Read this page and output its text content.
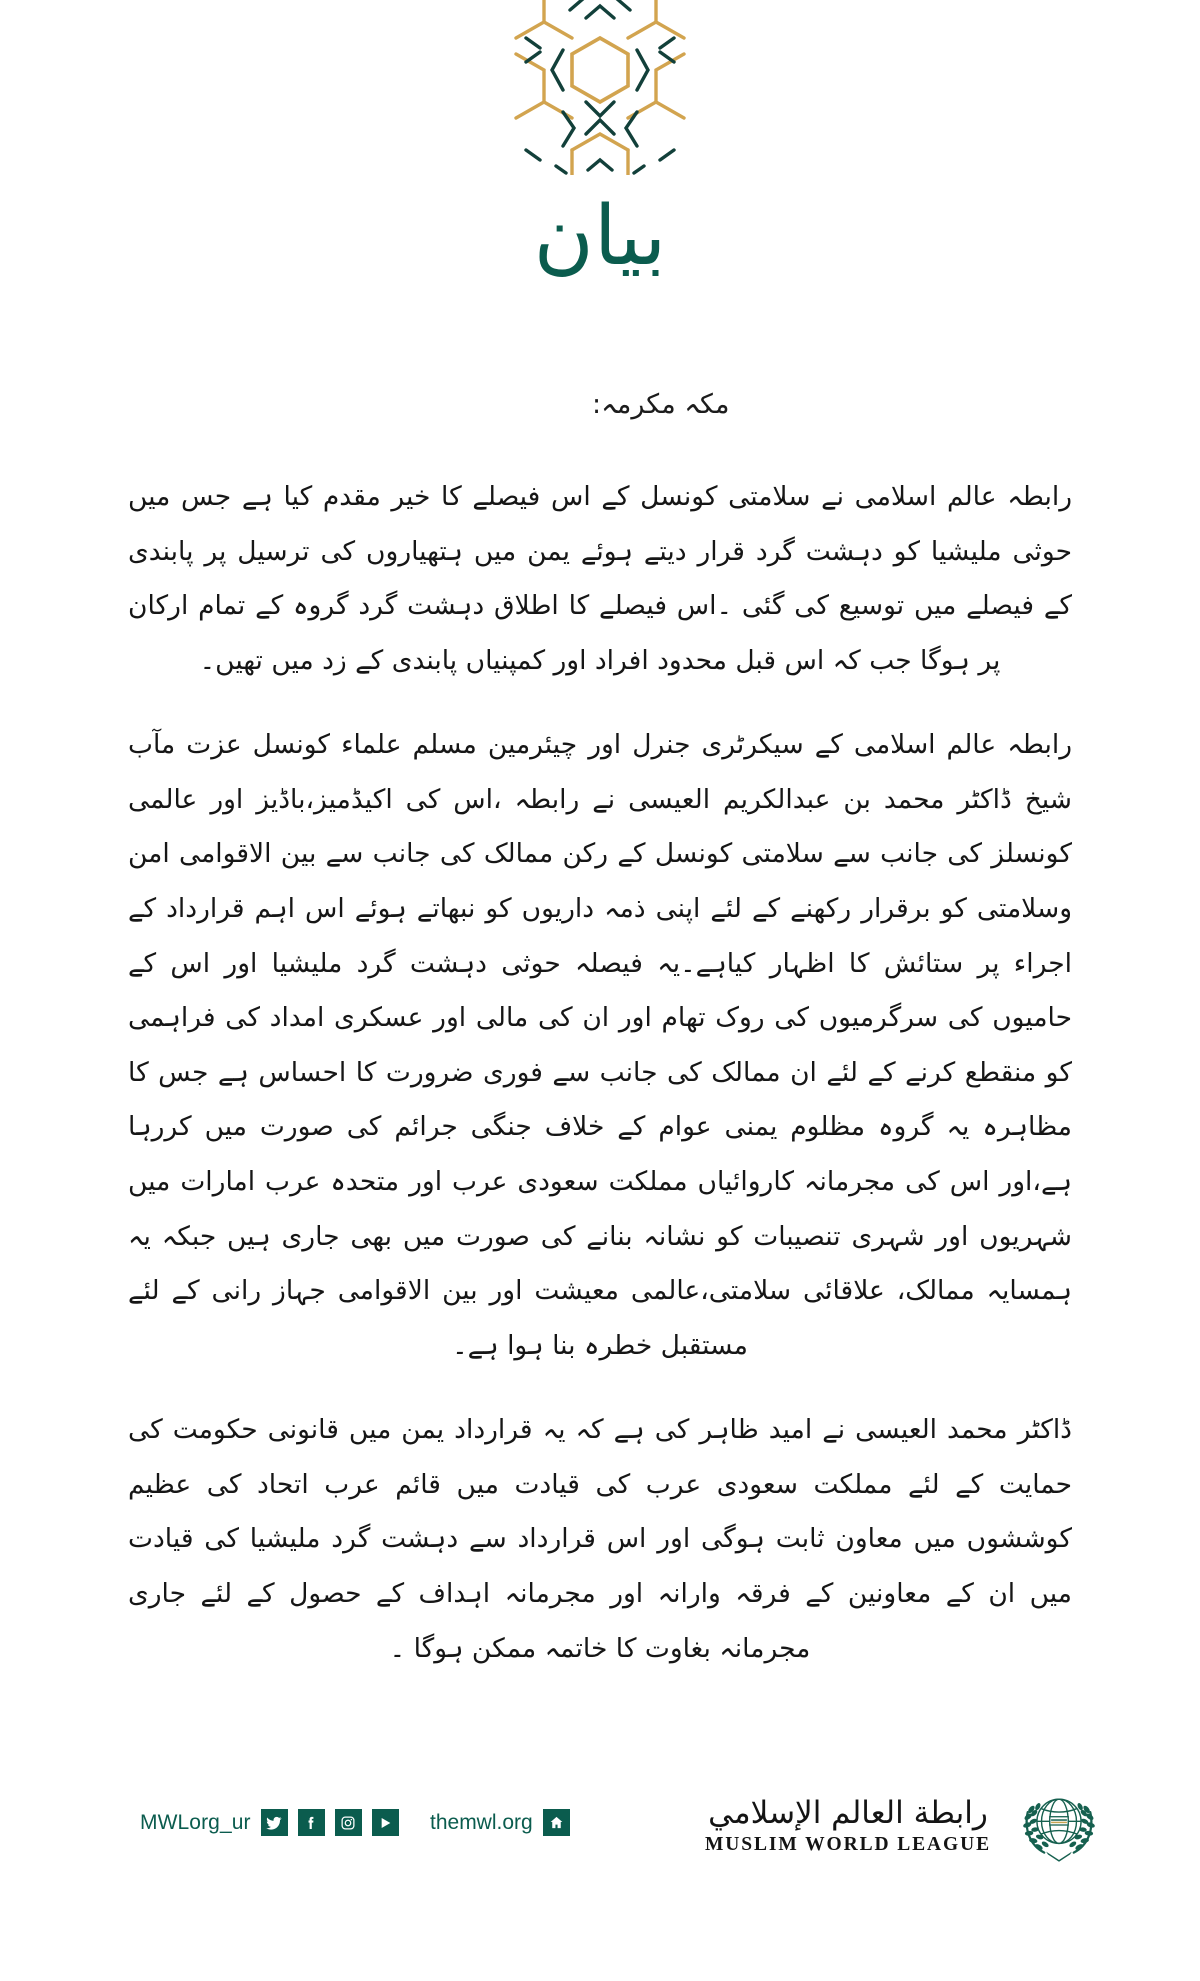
بیان
مکہ مکرمہ:

رابطہ عالم اسلامی نے سلامتی کونسل کے اس فیصلے کا خیر مقدم کیا ہے جس میں حوثی ملیشیا کو دہشت گرد قرار دیتے ہوئے یمن میں ہتھیاروں کی ترسیل پر پابندی کے فیصلے میں توسیع کی گئی ۔اس فیصلے کا اطلاق دہشت گرد گروہ کے تمام ارکان پر ہوگا جب کہ اس قبل محدود افراد اور کمپنیاں پابندی کے زد میں تھیں۔

رابطہ عالم اسلامی کے سیکرٹری جنرل اور چیئرمین مسلم علماء کونسل عزت مآب شیخ ڈاکٹر محمد بن عبدالکریم العیسی نے رابطہ ،اس کی اکیڈمیز،باڈیز اور عالمی کونسلز کی جانب سے سلامتی کونسل کے رکن ممالک کی جانب سے بین الاقوامی امن وسلامتی کو برقرار رکھنے کے لئے اپنی ذمہ داریوں کو نبھاتے ہوئے اس اہم قرارداد کے اجراء پر ستائش کا اظہار کیاہے۔یہ فیصلہ حوثی دہشت گرد ملیشیا اور اس کے حامیوں کی سرگرمیوں کی روک تھام اور ان کی مالی اور عسکری امداد کی فراہمی کو منقطع کرنے کے لئے ان ممالک کی جانب سے فوری ضرورت کا احساس ہے جس کا مظاہرہ یہ گروہ مظلوم یمنی عوام کے خلاف جنگی جرائم کی صورت میں کررہا ہے،اور اس کی مجرمانہ کاروائیاں مملکت سعودی عرب اور متحدہ عرب امارات میں شہریوں اور شہری تنصیبات کو نشانہ بنانے کی صورت میں بھی جاری ہیں جبکہ یہ ہمسایہ ممالک، علاقائی سلامتی،عالمی معیشت اور بین الاقوامی جہاز رانی کے لئے مستقبل خطرہ بنا ہوا ہے۔

ڈاکٹر محمد العیسی نے امید ظاہر کی ہے کہ یہ قرارداد یمن میں قانونی حکومت کی حمایت کے لئے مملکت سعودی عرب کی قیادت میں قائم عرب اتحاد کی عظیم کوششوں میں معاون ثابت ہوگی اور اس قرارداد سے دہشت گرد ملیشیا کی قیادت میں ان کے معاونین کے فرقہ وارانہ اور مجرمانہ اہداف کے حصول کے لئے جاری مجرمانہ بغاوت کا خاتمہ ممکن ہوگا ۔

MWLorg_ur	themwl.org	رابطة العالم الإسلامي
MUSLIM WORLD LEAGUE
